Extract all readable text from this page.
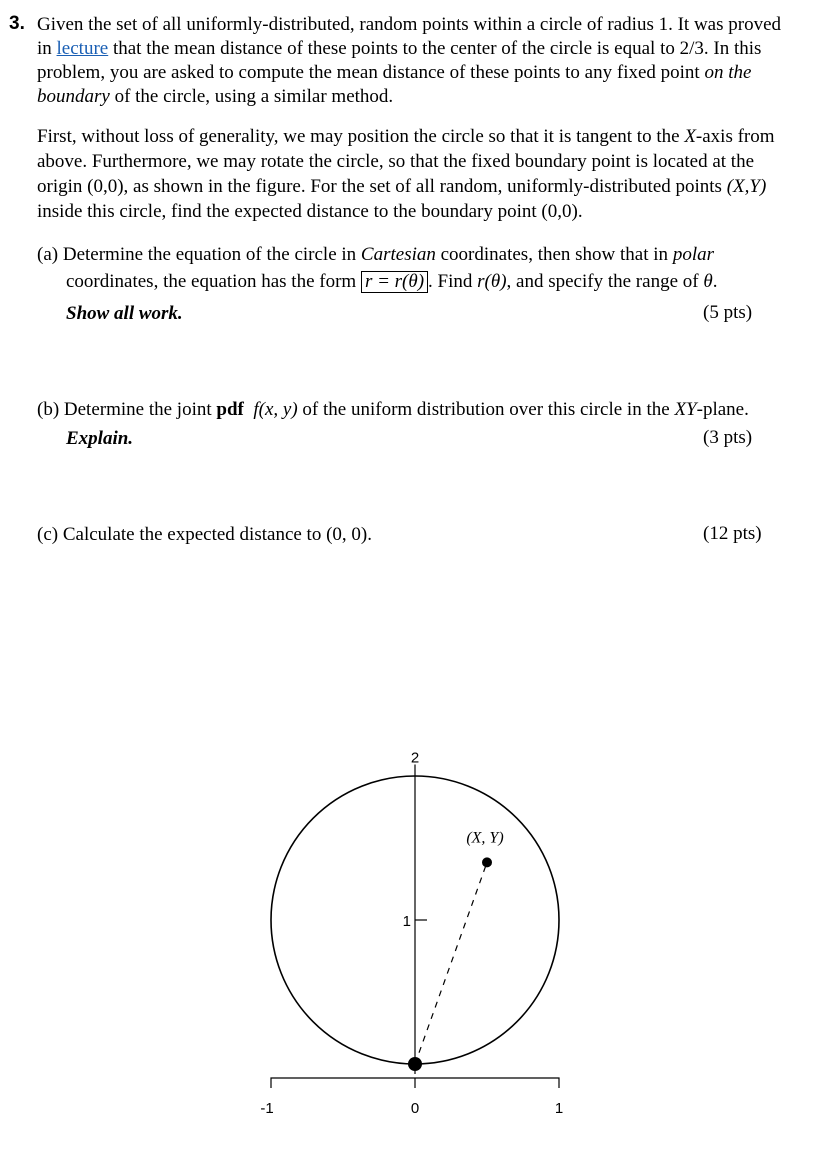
3. Given the set of all uniformly-distributed, random points within a circle of radius 1. It was proved
in lecture that the mean distance of these points to the center of the circle is equal to 2/3. In this
problem, you are asked to compute the mean distance of these points to any fixed point on the
boundary of the circle, using a similar method.
First, without loss of generality, we may position the circle so that it is tangent to the X-axis from
above. Furthermore, we may rotate the circle, so that the fixed boundary point is located at the
origin (0,0), as shown in the figure. For the set of all random, uniformly-distributed points (X,Y)
inside this circle, find the expected distance to the boundary point (0,0).
(a) Determine the equation of the circle in Cartesian coordinates, then show that in polar
coordinates, the equation has the form r = r(θ) . Find r(θ), and specify the range of θ.
Show all work.	(5 pts)
(b) Determine the joint pdf f(x, y) of the uniform distribution over this circle in the XY-plane.
Explain.	(3 pts)
(c) Calculate the expected distance to (0, 0).	(12 pts)
1
2
-1	0	1
(X, Y)
